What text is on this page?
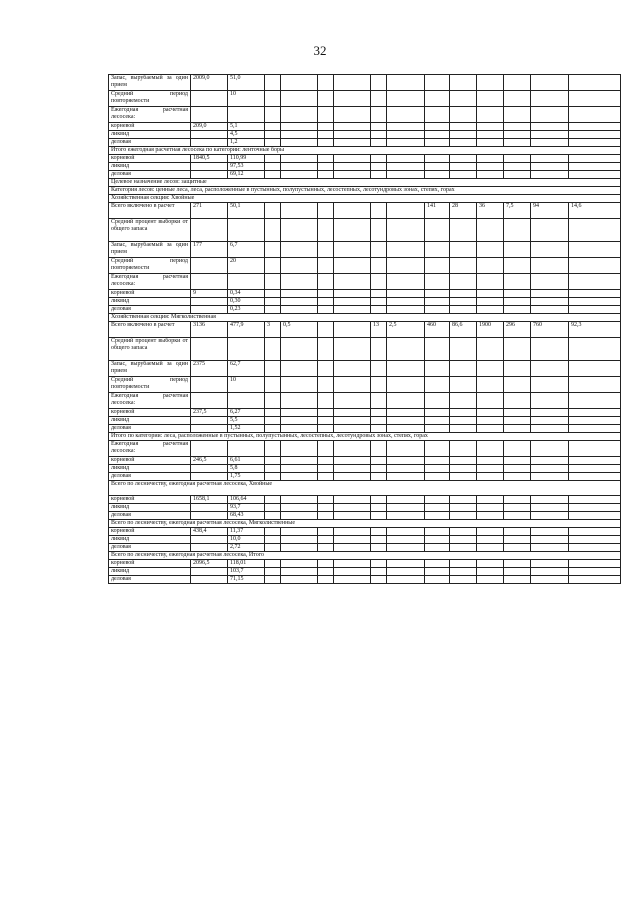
32
Запас, вырубаемый за один прием	2009,0	51,0												
Средний период повторяемости		10												
Ежегодная расчетная лесосека:														
корневой	209,0	5,1												
ликвид		4,5												
деловая		1,2												
Итого ежегодная расчетная лесосека по категории: ленточные боры														
корневой	1840,5	110,99												
ликвид		97,53												
деловая		69,12												
Целевое назначение лесов: защитные														
Категория лесов: ценные леса, леса, расположенные в пустынных, полупустынных, лесостепных, лесотундровых зонах, степях, горах														
Хозяйственная секция: Хвойные														
Всего включено в расчет	271	50,1							141	28	36	7,5	94	14,6
Средний процент выборки от общего запаса														
Запас, вырубаемый за один прием	177	6,7												
Средний период повторяемости		20												
Ежегодная расчетная лесосека:														
корневой	9	0,34												
ликвид		0,30												
деловая		0,23												
Хозяйственная секция: Мягколиственная														
Всего включено в расчет	3136	477,9	3	0,5			13	2,5	460	86,6	1900	296	760	92,3
Средний процент выборки от общего запаса														
Запас, вырубаемый за один прием	2375	62,7												
Средний период повторяемости		10												
Ежегодная расчетная лесосека:														
корневой	237,5	6,27												
ликвид		5,5												
деловая		1,52												
Итого по категории: леса, расположенные в пустынных, полупустынных, лесостепных, лесотундровых зонах, степях, горах														
Ежегодная расчетная лесосека:														
корневой	246,5	6,61												
ликвид		5,8												
деловая		1,75												
Всего по лесничеству, ежегодная расчетная лесосека, Хвойные														
корневой	1658,1	106,64												
ликвид		93,7												
деловая		68,43												
Всего по лесничеству, ежегодная расчетная лесосека, Мягколиственные														
корневой	438,4	11,37												
ликвид		10,0												
деловая		2,72												
Всего по лесничеству, ежегодная расчетная лесосека, Итого														
корневой	2096,5	118,01												
ликвид		103,7												
деловая		71,15												
